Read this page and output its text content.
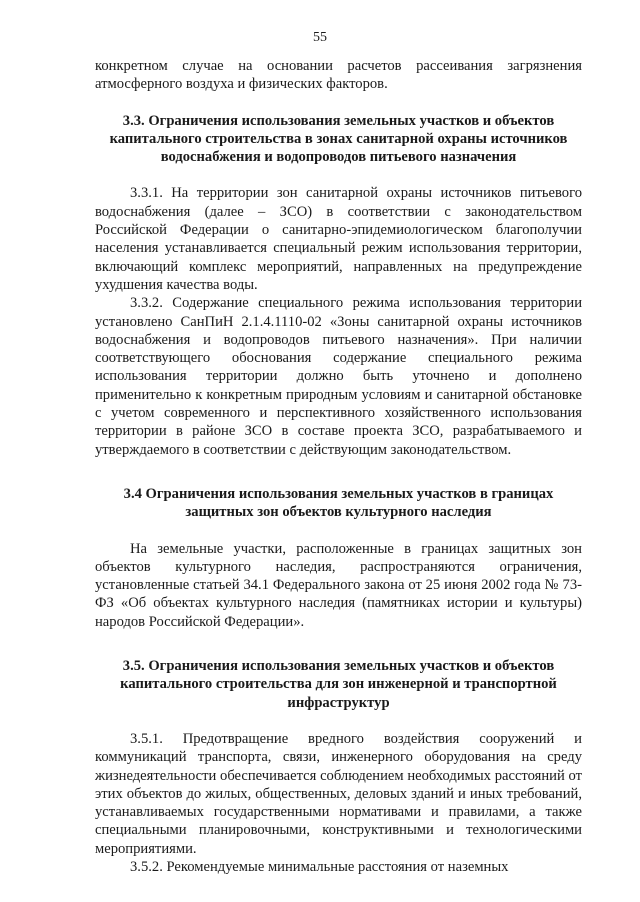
55

конкретном случае на основании расчетов рассеивания загрязнения атмосферного воздуха и физических факторов.

3.3. Ограничения использования земельных участков и объектов капитального строительства в зонах санитарной охраны источников водоснабжения и водопроводов питьевого назначения

3.3.1. На территории зон санитарной охраны источников питьевого водоснабжения (далее – ЗСО) в соответствии с законодательством Российской Федерации о санитарно-эпидемиологическом благополучии населения устанавливается специальный режим использования территории, включающий комплекс мероприятий, направленных на предупреждение ухудшения качества воды.

3.3.2. Содержание специального режима использования территории установлено СанПиН 2.1.4.1110-02 «Зоны санитарной охраны источников водоснабжения и водопроводов питьевого назначения». При наличии соответствующего обоснования содержание специального режима использования территории должно быть уточнено и дополнено применительно к конкретным природным условиям и санитарной обстановке с учетом современного и перспективного хозяйственного использования территории в районе ЗСО в составе проекта ЗСО, разрабатываемого и утверждаемого в соответствии с действующим законодательством.

3.4 Ограничения использования земельных участков в границах защитных зон объектов культурного наследия

На земельные участки, расположенные в границах защитных зон объектов культурного наследия, распространяются ограничения, установленные статьей 34.1 Федерального закона от 25 июня 2002 года № 73-ФЗ «Об объектах культурного наследия (памятниках истории и культуры) народов Российской Федерации».

3.5. Ограничения использования земельных участков и объектов капитального строительства для зон инженерной и транспортной инфраструктур

3.5.1. Предотвращение вредного воздействия сооружений и коммуникаций транспорта, связи, инженерного оборудования на среду жизнедеятельности обеспечивается соблюдением необходимых расстояний от этих объектов до жилых, общественных, деловых зданий и иных требований, устанавливаемых государственными нормативами и правилами, а также специальными планировочными, конструктивными и технологическими мероприятиями.

3.5.2. Рекомендуемые минимальные расстояния от наземных
